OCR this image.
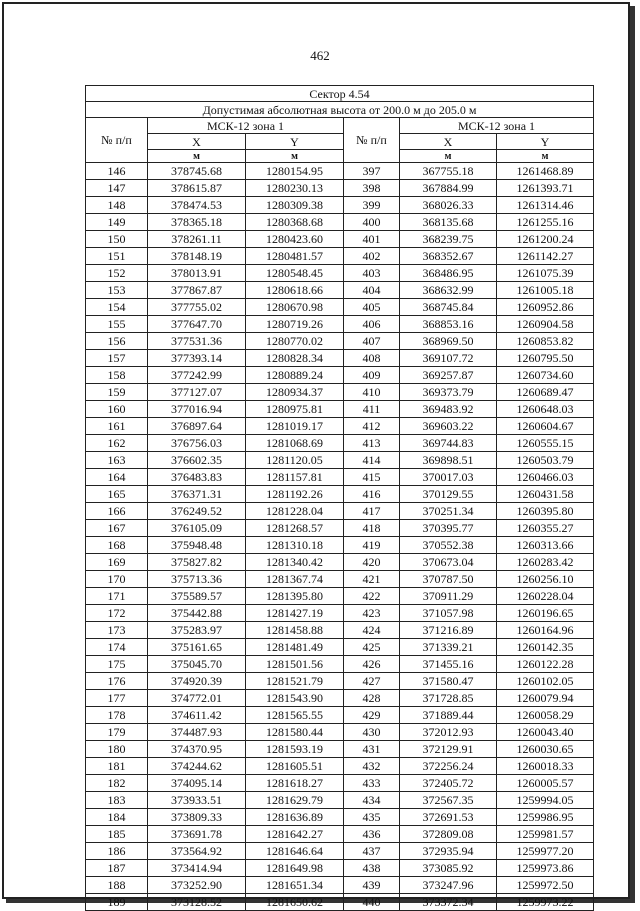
462
Сектор 4.54					
Допустимая абсолютная высота от 200.0 м до 205.0 м					
№ п/п	МСК-12 зона 1		№ п/п	МСК-12 зона 1	
	X	Y		X	Y
	м	м		м	м
146	378745.68	1280154.95	397	367755.18	1261468.89
147	378615.87	1280230.13	398	367884.99	1261393.71
148	378474.53	1280309.38	399	368026.33	1261314.46
149	378365.18	1280368.68	400	368135.68	1261255.16
150	378261.11	1280423.60	401	368239.75	1261200.24
151	378148.19	1280481.57	402	368352.67	1261142.27
152	378013.91	1280548.45	403	368486.95	1261075.39
153	377867.87	1280618.66	404	368632.99	1261005.18
154	377755.02	1280670.98	405	368745.84	1260952.86
155	377647.70	1280719.26	406	368853.16	1260904.58
156	377531.36	1280770.02	407	368969.50	1260853.82
157	377393.14	1280828.34	408	369107.72	1260795.50
158	377242.99	1280889.24	409	369257.87	1260734.60
159	377127.07	1280934.37	410	369373.79	1260689.47
160	377016.94	1280975.81	411	369483.92	1260648.03
161	376897.64	1281019.17	412	369603.22	1260604.67
162	376756.03	1281068.69	413	369744.83	1260555.15
163	376602.35	1281120.05	414	369898.51	1260503.79
164	376483.83	1281157.81	415	370017.03	1260466.03
165	376371.31	1281192.26	416	370129.55	1260431.58
166	376249.52	1281228.04	417	370251.34	1260395.80
167	376105.09	1281268.57	418	370395.77	1260355.27
168	375948.48	1281310.18	419	370552.38	1260313.66
169	375827.82	1281340.42	420	370673.04	1260283.42
170	375713.36	1281367.74	421	370787.50	1260256.10
171	375589.57	1281395.80	422	370911.29	1260228.04
172	375442.88	1281427.19	423	371057.98	1260196.65
173	375283.97	1281458.88	424	371216.89	1260164.96
174	375161.65	1281481.49	425	371339.21	1260142.35
175	375045.70	1281501.56	426	371455.16	1260122.28
176	374920.39	1281521.79	427	371580.47	1260102.05
177	374772.01	1281543.90	428	371728.85	1260079.94
178	374611.42	1281565.55	429	371889.44	1260058.29
179	374487.93	1281580.44	430	372012.93	1260043.40
180	374370.95	1281593.19	431	372129.91	1260030.65
181	374244.62	1281605.51	432	372256.24	1260018.33
182	374095.14	1281618.27	433	372405.72	1260005.57
183	373933.51	1281629.79	434	372567.35	1259994.05
184	373809.33	1281636.89	435	372691.53	1259986.95
185	373691.78	1281642.27	436	372809.08	1259981.57
186	373564.92	1281646.64	437	372935.94	1259977.20
187	373414.94	1281649.98	438	373085.92	1259973.86
188	373252.90	1281651.34	439	373247.96	1259972.50
189	373128.52	1281650.62	440	373372.34	1259973.22
